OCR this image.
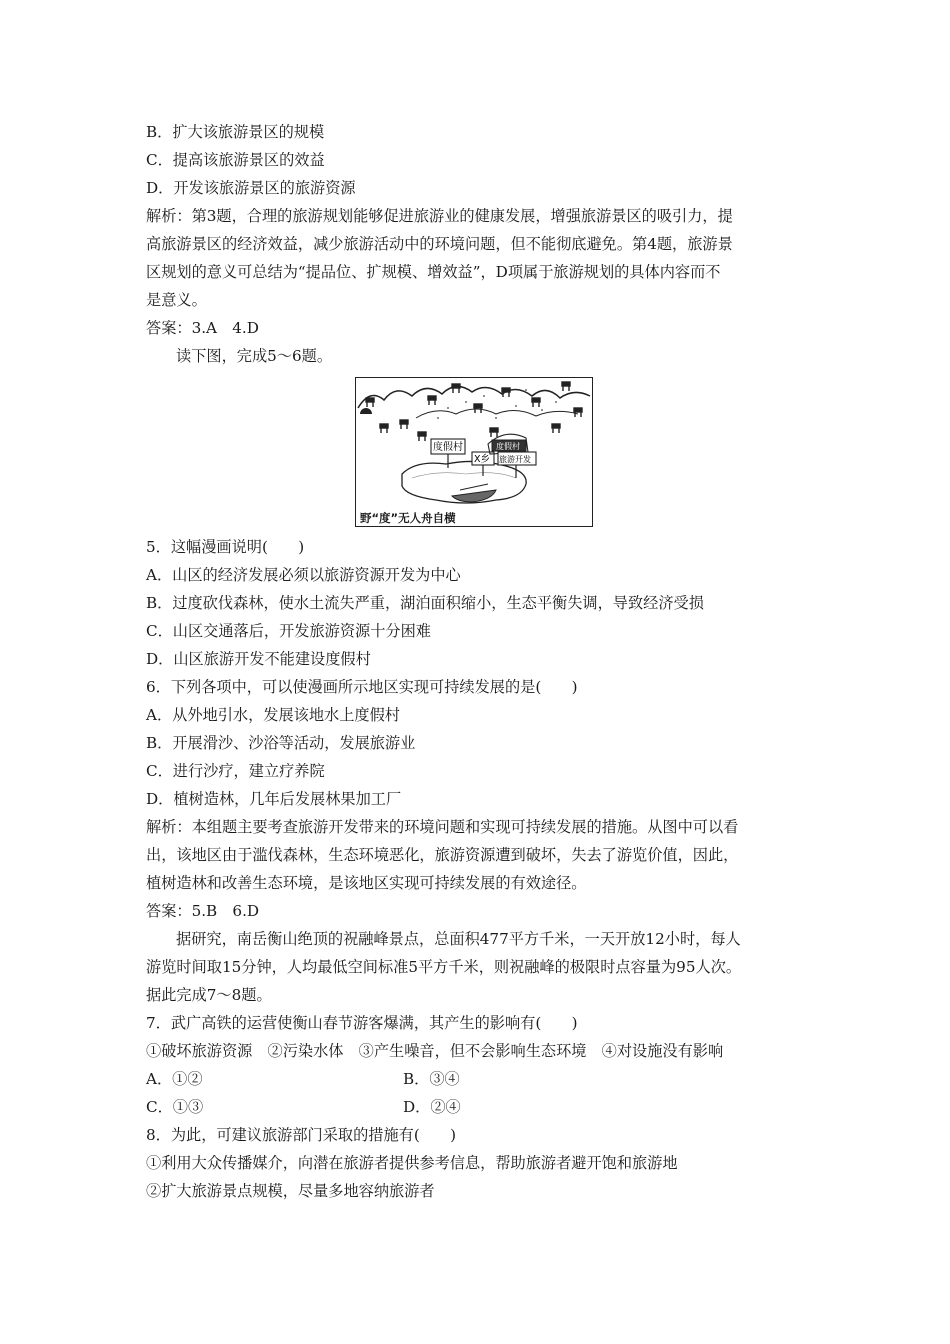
B．扩大该旅游景区的规模
C．提高该旅游景区的效益
D．开发该旅游景区的旅游资源
解析：第3题，合理的旅游规划能够促进旅游业的健康发展，增强旅游景区的吸引力，提
高旅游景区的经济效益，减少旅游活动中的环境问题，但不能彻底避免。第4题，旅游景
区规划的意义可总结为“提品位、扩规模、增效益”，D项属于旅游规划的具体内容而不
是意义。
答案：3.A　4.D
读下图，完成5～6题。
度假村
X乡 旅游开发
度假村
野“度”无人舟自横
5．这幅漫画说明(　　)
A．山区的经济发展必须以旅游资源开发为中心
B．过度砍伐森林，使水土流失严重，湖泊面积缩小，生态平衡失调，导致经济受损
C．山区交通落后，开发旅游资源十分困难
D．山区旅游开发不能建设度假村
6．下列各项中，可以使漫画所示地区实现可持续发展的是(　　)
A．从外地引水，发展该地水上度假村
B．开展滑沙、沙浴等活动，发展旅游业
C．进行沙疗，建立疗养院
D．植树造林，几年后发展林果加工厂
解析：本组题主要考查旅游开发带来的环境问题和实现可持续发展的措施。从图中可以看
出，该地区由于滥伐森林，生态环境恶化，旅游资源遭到破坏，失去了游览价值，因此，
植树造林和改善生态环境，是该地区实现可持续发展的有效途径。
答案：5.B　6.D
据研究，南岳衡山绝顶的祝融峰景点，总面积477平方千米，一天开放12小时，每人
游览时间取15分钟，人均最低空间标准5平方千米，则祝融峰的极限时点容量为95人次。
据此完成7～8题。
7．武广高铁的运营使衡山春节游客爆满，其产生的影响有(　　)
①破坏旅游资源　②污染水体　③产生噪音，但不会影响生态环境　④对设施没有影响
A．①②	B．③④
C．①③	D．②④
8．为此，可建议旅游部门采取的措施有(　　)
①利用大众传播媒介，向潜在旅游者提供参考信息，帮助旅游者避开饱和旅游地
②扩大旅游景点规模，尽量多地容纳旅游者
